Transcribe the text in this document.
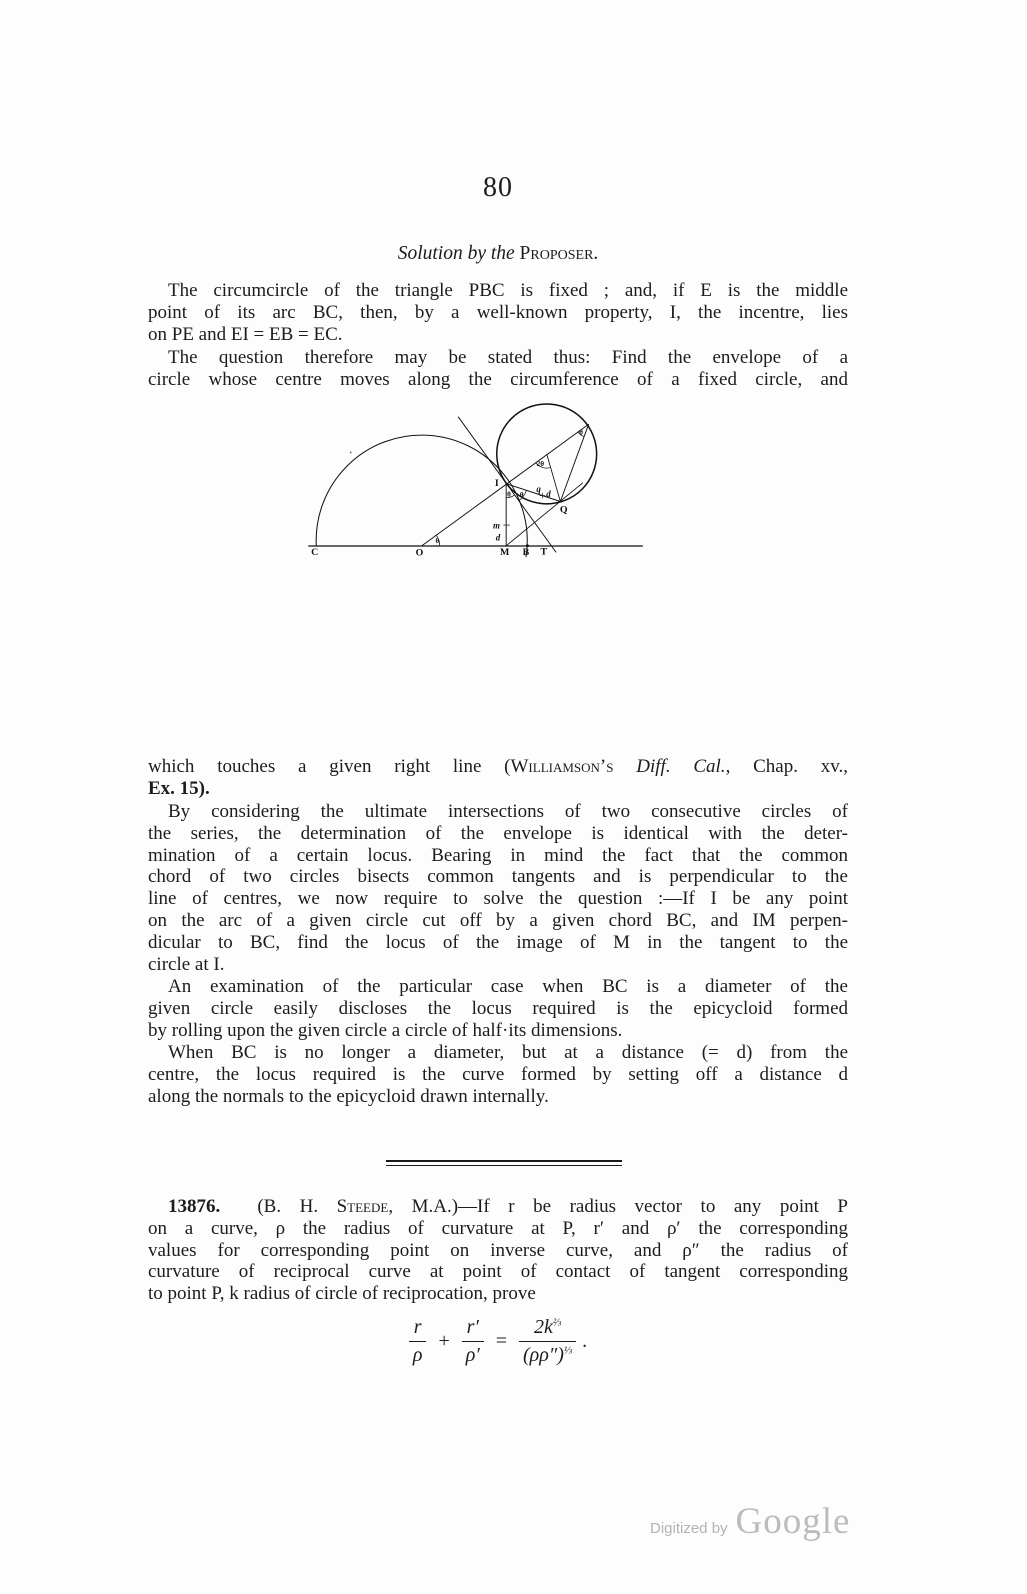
80
Solution by the Proposer.
The circumcircle of the triangle PBC is fixed ; and, if E is the middle
point of its arc BC, then, by a well-known property, I, the incentre, lies
on PE and EI = EB = EC.
The question therefore may be stated thus: Find the envelope of a
circle whose centre moves along the circumference of a fixed circle, and
C	O	M B T
I
Q
m
d
q d
θ
θ θ
2θ
θ
which touches a given right line (Williamson’s Diff. Cal., Chap. xv.,
Ex. 15).
By considering the ultimate intersections of two consecutive circles of
the series, the determination of the envelope is identical with the deter-
mination of a certain locus. Bearing in mind the fact that the common
chord of two circles bisects common tangents and is perpendicular to the
line of centres, we now require to solve the question :—If I be any point
on the arc of a given circle cut off by a given chord BC, and IM perpen-
dicular to BC, find the locus of the image of M in the tangent to the
circle at I.
An examination of the particular case when BC is a diameter of the
given circle easily discloses the locus required is the epicycloid formed
by rolling upon the given circle a circle of half·its dimensions.
When BC is no longer a diameter, but at a distance (= d) from the
centre, the locus required is the curve formed by setting off a distance d
along the normals to the epicycloid drawn internally.
13876.  (B. H. Steede, M.A.)—If r be radius vector to any point P
on a curve, ρ the radius of curvature at P, r′ and ρ′ the corresponding
values for corresponding point on inverse curve, and ρ″ the radius of
curvature of reciprocal curve at point of contact of tangent corresponding
to point P, k radius of circle of reciprocation, prove
$\frac{r}{\rho} + \frac{r'}{\rho'} = \frac{2k^{\frac{2}{3}}}{(\rho\rho'')^{\frac{1}{3}}}$ .
Digitized by Google
